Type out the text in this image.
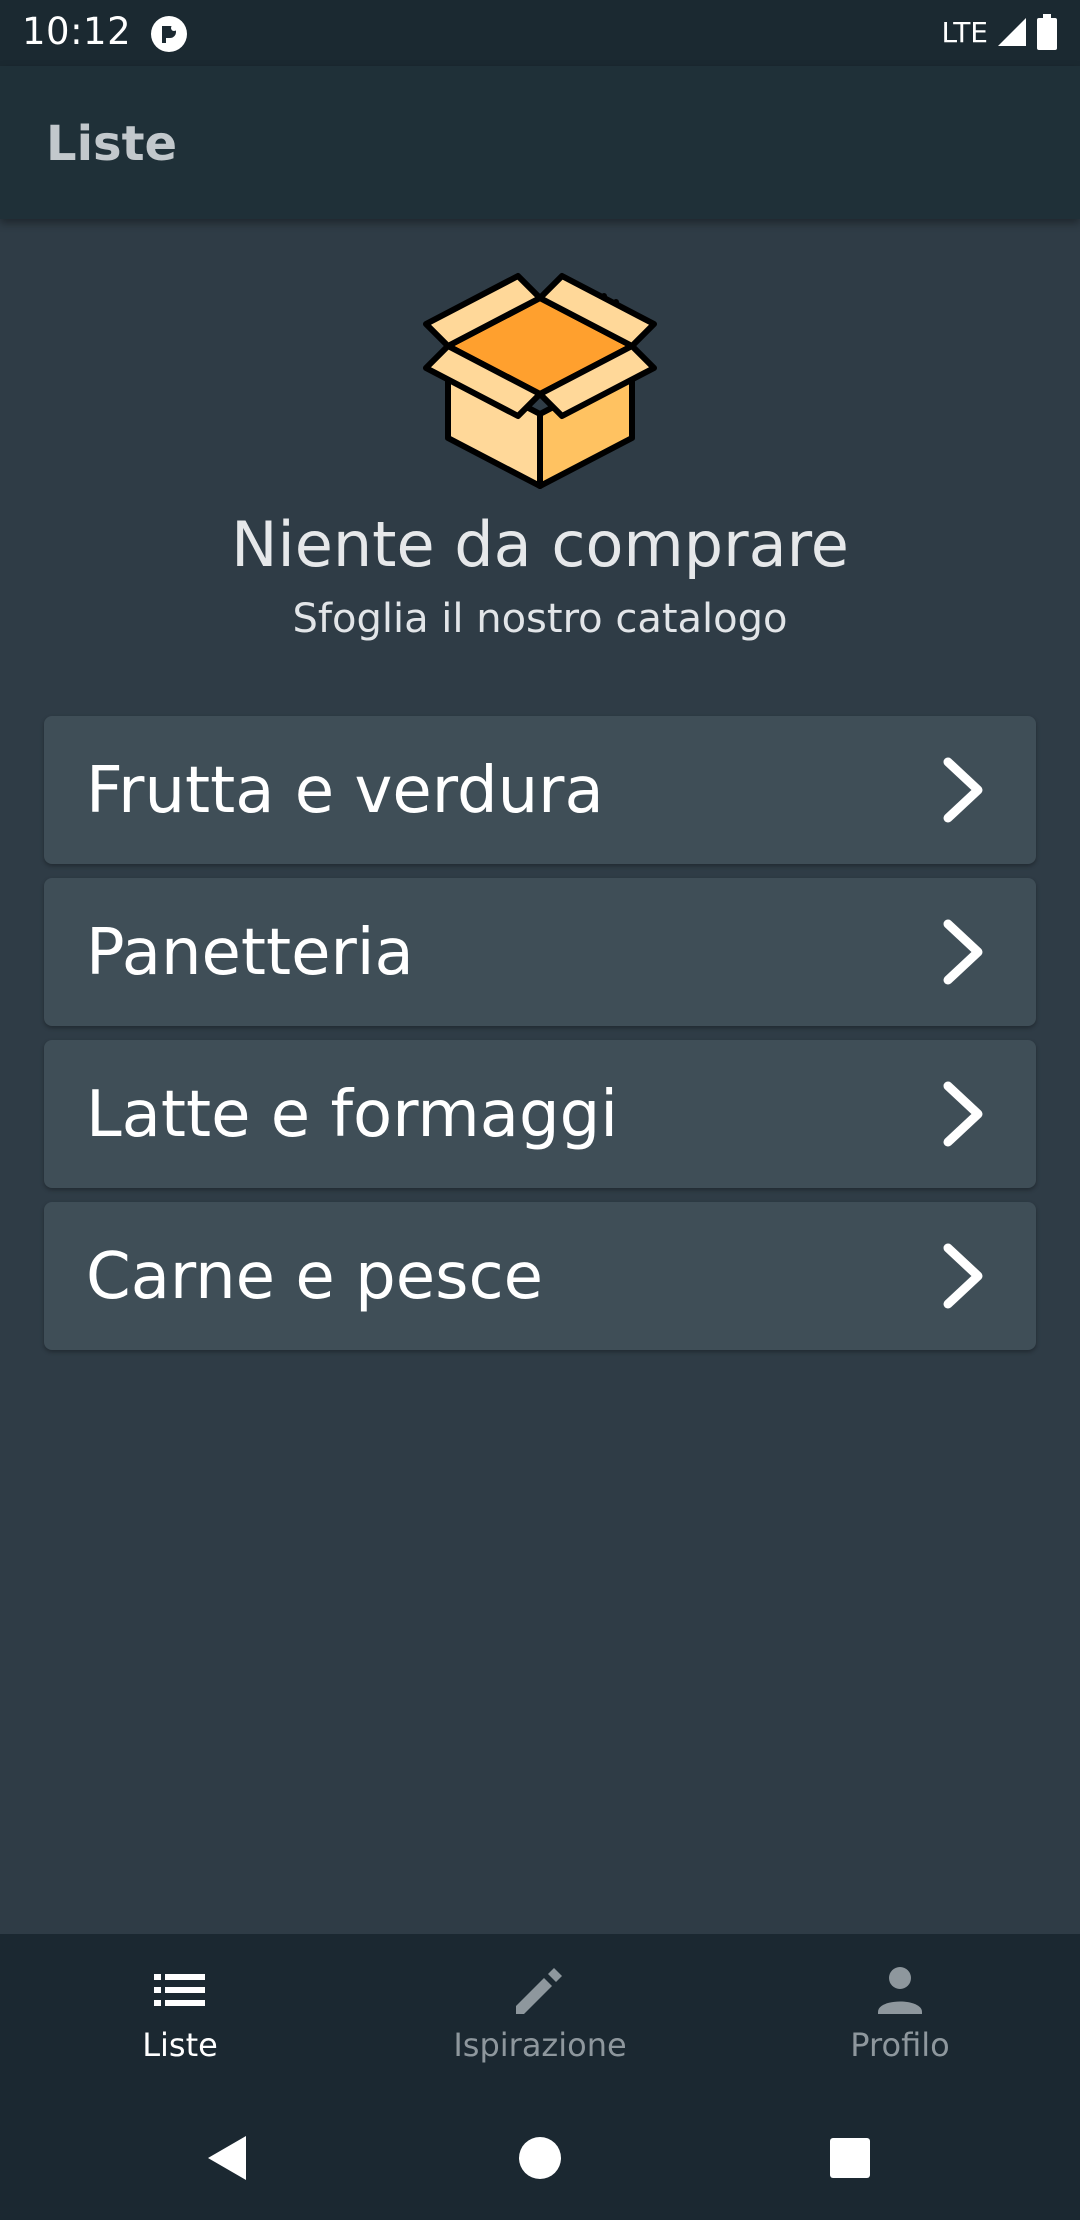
10:12	LTE
Liste
Niente da comprare
Sfoglia il nostro catalogo
Frutta e verdura
Panetteria
Latte e formaggi
Carne e pesce
Liste	Ispirazione	Profilo
